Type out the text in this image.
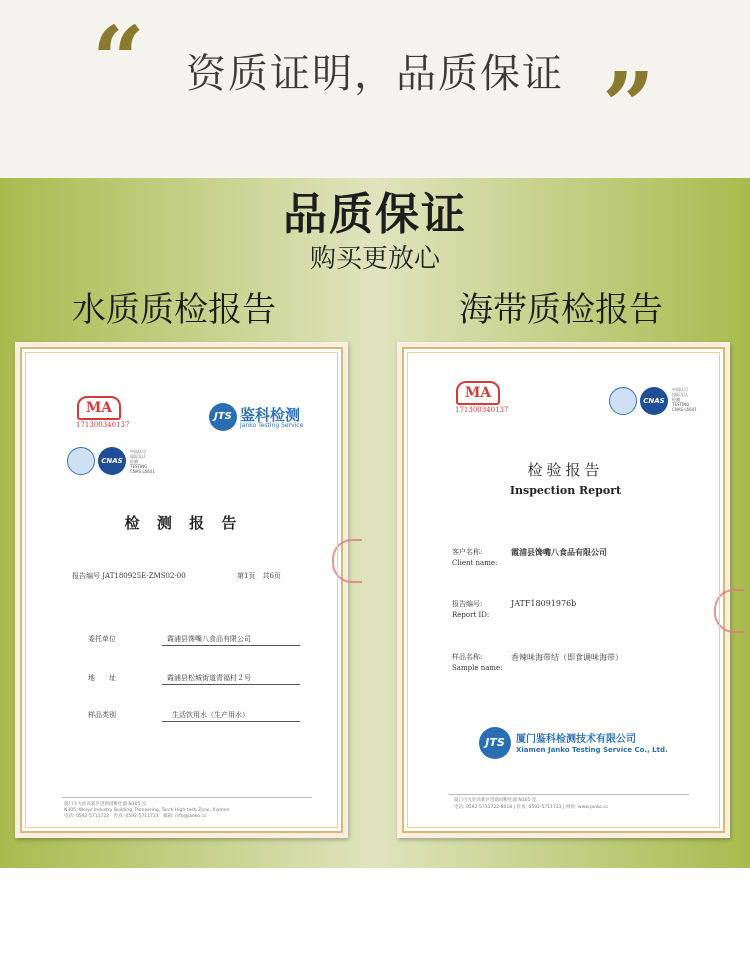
“	资质证明，品质保证 ”
品质保证
购买更放心
水质质检报告	海带质检报告
MA
171300340137
JTS 鉴科检测
Janko Testing Service
CNAS
中国认可
国际互认
检测
TESTING
CNAS L6641
检 测 报 告
报告编号 JAT180925E-ZMS02-00	第1页　共6页
委托单位	霞浦县馋嘴八食品有限公司
地　　址	霞浦县松城街道青福村２号
样品类别	生活饮用水（生产用水）
厦门市火炬高新区创新园孵化器 N305 室
N305, Weiye Industry Building, Pioneering, Torch High-tech Zone, Xiamen
电话: 0592-5711722　传真: 0592-5711723　邮箱: info@janko.cc
MA
171300340137
CNAS
中国认可
国际互认
检测
TESTING
CNAS L6641
检验报告
Inspection Report
客户名称:
Client name:
霞浦县馋嘴八食品有限公司
报告编号:
Report ID:
JATF18091976b
样品名称:
Sample name:
香辣味海带结（即食调味海带）
JTS	厦门鉴科检测技术有限公司
Xiamen Janko Testing Service Co., Ltd.
厦门市火炬高新区创新园孵化器 N305 室
电话: 0592-5711722-8018 | 传真: 0592-5711723 | 网址: www.janko.cc
